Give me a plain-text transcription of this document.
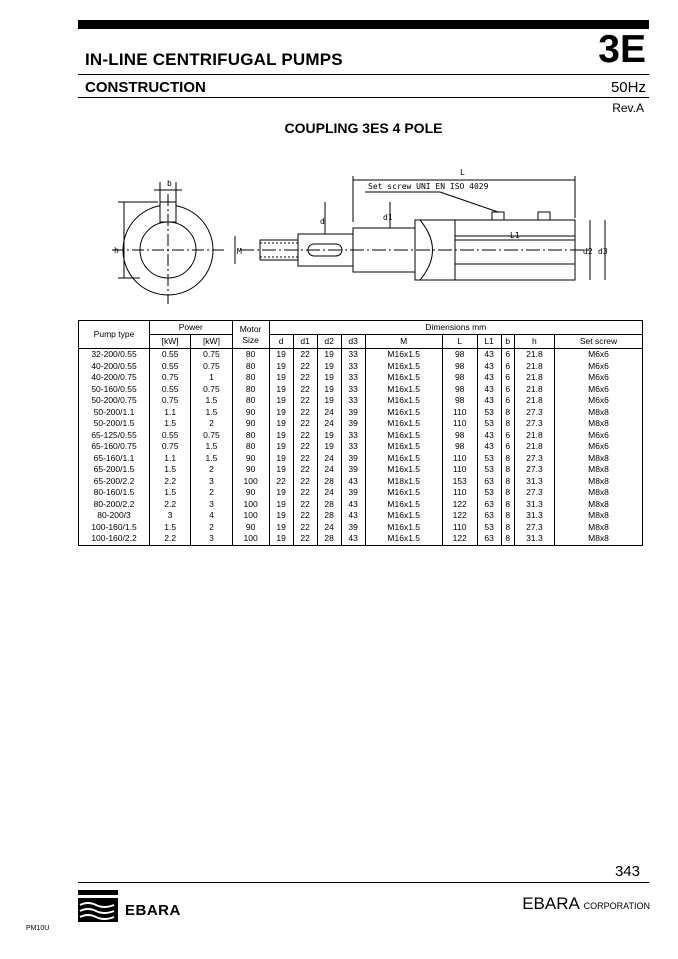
IN-LINE CENTRIFUGAL PUMPS	3E
CONSTRUCTION	50Hz
Rev.A
COUPLING 3ES 4 POLE
b
h	M
d	d1
d2 d3
L
L1
Set screw UNI EN ISO 4029
Pump type	Power		Motor Size	Dimensions mm									
	[kW]	[kW]		d	d1	d2	d3	M	L	L1	b	h	Set screw
32-200/0.55	0.55	0.75	80	19	22	19	33	M16x1.5	98	43	6	21.8	M6x6
40-200/0.55	0.55	0.75	80	19	22	19	33	M16x1.5	98	43	6	21.8	M6x6
40-200/0.75	0.75	1	80	19	22	19	33	M16x1.5	98	43	6	21.8	M6x6
50-160/0.55	0.55	0.75	80	19	22	19	33	M16x1.5	98	43	6	21.8	M6x6
50-200/0.75	0.75	1.5	80	19	22	19	33	M16x1.5	98	43	6	21.8	M6x6
50-200/1.1	1.1	1.5	90	19	22	24	39	M16x1.5	110	53	8	27.3	M8x8
50-200/1.5	1.5	2	90	19	22	24	39	M16x1.5	110	53	8	27.3	M8x8
65-125/0.55	0.55	0.75	80	19	22	19	33	M16x1.5	98	43	6	21.8	M6x6
65-160/0.75	0.75	1.5	80	19	22	19	33	M16x1.5	98	43	6	21.8	M6x6
65-160/1.1	1.1	1.5	90	19	22	24	39	M16x1.5	110	53	8	27.3	M8x8
65-200/1.5	1.5	2	90	19	22	24	39	M16x1.5	110	53	8	27.3	M8x8
65-200/2.2	2.2	3	100	22	22	28	43	M18x1.5	153	63	8	31.3	M8x8
80-160/1.5	1.5	2	90	19	22	24	39	M16x1.5	110	53	8	27.3	M8x8
80-200/2.2	2.2	3	100	19	22	28	43	M16x1.5	122	63	8	31.3	M8x8
80-200/3	3	4	100	19	22	28	43	M16x1.5	122	63	8	31.3	M8x8
100-160/1.5	1.5	2	90	19	22	24	39	M16x1.5	110	53	8	27.3	M8x8
100-160/2.2	2.2	3	100	19	22	28	43	M16x1.5	122	63	8	31.3	M8x8
343
EBARA	EBARA CORPORATION
PM10U
